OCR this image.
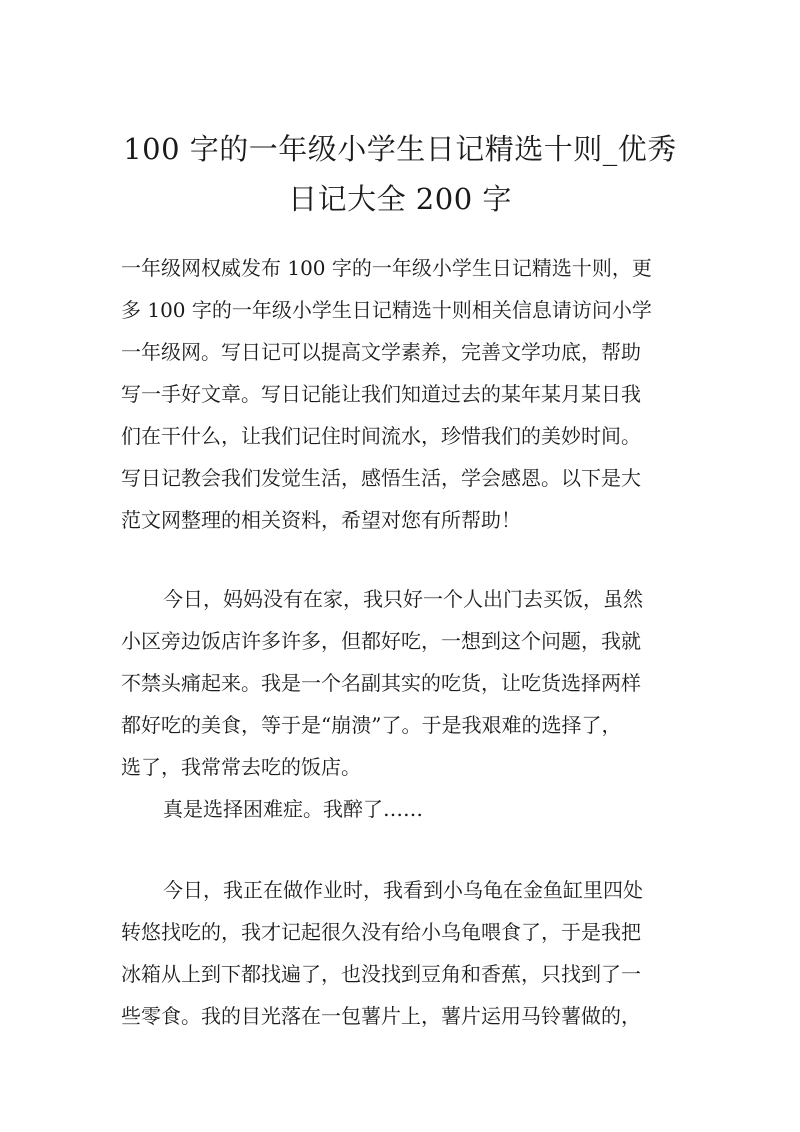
100 字的一年级小学生日记精选十则_优秀
日记大全 200 字
一年级网权威发布 100 字的一年级小学生日记精选十则，更
多 100 字的一年级小学生日记精选十则相关信息请访问小学
一年级网。写日记可以提高文学素养，完善文学功底，帮助
写一手好文章。写日记能让我们知道过去的某年某月某日我
们在干什么，让我们记住时间流水，珍惜我们的美妙时间。
写日记教会我们发觉生活，感悟生活，学会感恩。以下是大
范文网整理的相关资料，希望对您有所帮助！
今日，妈妈没有在家，我只好一个人出门去买饭，虽然
小区旁边饭店许多许多，但都好吃，一想到这个问题，我就
不禁头痛起来。我是一个名副其实的吃货，让吃货选择两样
都好吃的美食，等于是“崩溃”了。于是我艰难的选择了，
选了，我常常去吃的饭店。
真是选择困难症。我醉了……
今日，我正在做作业时，我看到小乌龟在金鱼缸里四处
转悠找吃的，我才记起很久没有给小乌龟喂食了，于是我把
冰箱从上到下都找遍了，也没找到豆角和香蕉，只找到了一
些零食。我的目光落在一包薯片上，薯片运用马铃薯做的，
